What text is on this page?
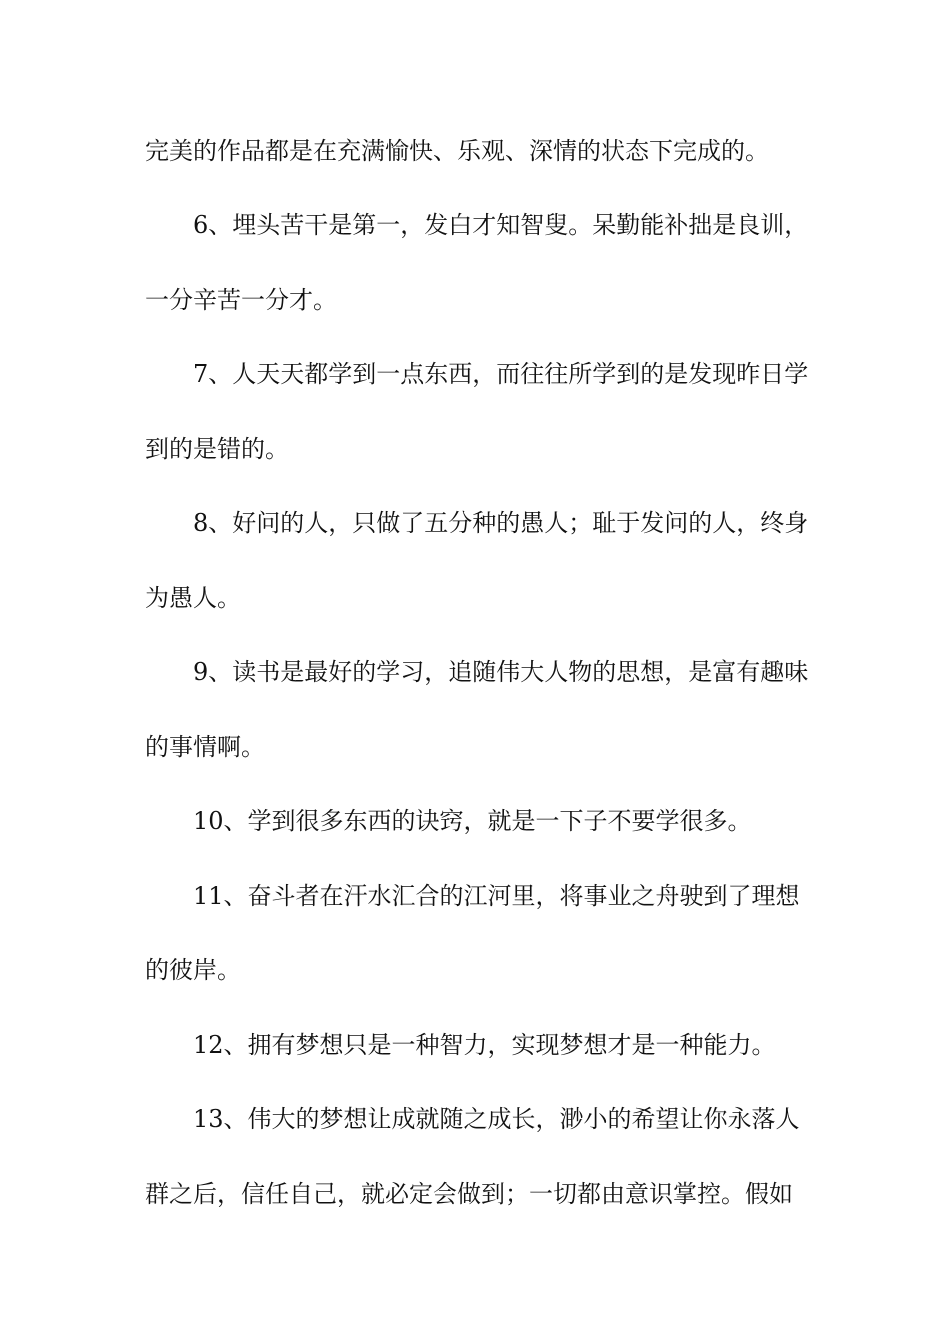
完美的作品都是在充满愉快、乐观、深情的状态下完成的。
6、埋头苦干是第一，发白才知智叟。呆勤能补拙是良训，
一分辛苦一分才。
7、人天天都学到一点东西，而往往所学到的是发现昨日学
到的是错的。
8、好问的人，只做了五分种的愚人；耻于发问的人，终身
为愚人。
9、读书是最好的学习，追随伟大人物的思想，是富有趣味
的事情啊。
10、学到很多东西的诀窍，就是一下子不要学很多。
11、奋斗者在汗水汇合的江河里，将事业之舟驶到了理想
的彼岸。
12、拥有梦想只是一种智力，实现梦想才是一种能力。
13、伟大的梦想让成就随之成长，渺小的希望让你永落人
群之后，信任自己，就必定会做到；一切都由意识掌控。假如
